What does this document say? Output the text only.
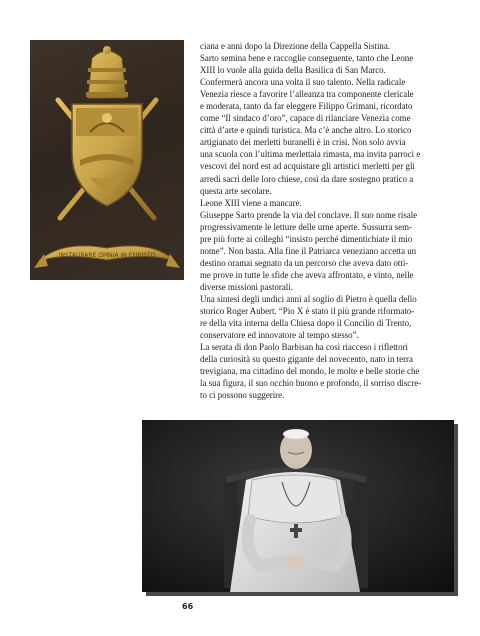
INSTAURARE OMNIA IN CHRISTO

ciana e anni dopo la Direzione della Cappella Sistina.

Sarto semina bene e raccoglie conseguente, tanto che Leone

XIII lo vuole alla guida della Basilica di San Marco.

Confermerà ancora una volta il suo talento. Nella radicale

Venezia riesce a favorire l’alleanza tra componente clericale

e moderata, tanto da far eleggere Filippo Grimani, ricordato

come “Il sindaco d’oro”, capace di rilanciare Venezia come

città d’arte e quindi turistica. Ma c’è anche altro. Lo storico

artigianato dei merletti buranelli è in crisi. Non solo avvia

una scuola con l’ultima merlettaia rimasta, ma invita parroci e

vescovi del nord est ad acquistare gli artistici merletti per gli

arredi sacri delle loro chiese, così da dare sostegno pratico a

questa arte secolare.

Leone XIII viene a mancare.

Giuseppe Sarto prende la via del conclave. Il suo nome risale

progressivamente le letture delle urne aperte. Sussurra sem-

pre più forte ai colleghi “insisto perché dimentichiate il mio

nome”. Non basta. Alla fine il Patriarca veneziano accetta un

destino oramai segnato da un percorso che aveva dato otti-

me prove in tutte le sfide che aveva affrontato, e vinto, nelle

diverse missioni pastorali.

Una sintesi degli undici anni al soglio di Pietro è quella dello

storico Roger Aubert. “Pio X è stato il più grande riformato-

re della vita interna della Chiesa dopo il Concilio di Trento,

conservatore ed innovatore al tempo stesso”.

La serata di don Paolo Barbisan ha così riacceso i riflettori

della curiosità su questo gigante del novecento, nato in terra

trevigiana, ma cittadino del mondo, le molte e belle storie che

la sua figura, il suo occhio buono e profondo, il sorriso discre-

to ci possono suggerire.

66
